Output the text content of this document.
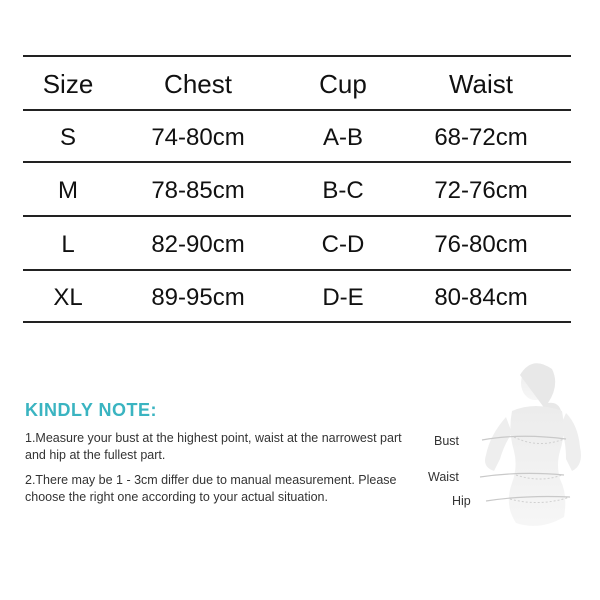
Size	Chest	Cup	Waist
S	74-80cm	A-B	68-72cm
M	78-85cm	B-C	72-76cm
L	82-90cm	C-D	76-80cm
XL	89-95cm	D-E	80-84cm
KINDLY NOTE:
1.Measure your bust at the highest point, waist at the narrowest part and hip at the fullest part.
2.There may be 1 - 3cm differ due to manual measurement. Please choose the right one according to your actual situation.
Bust
Waist
Hip
